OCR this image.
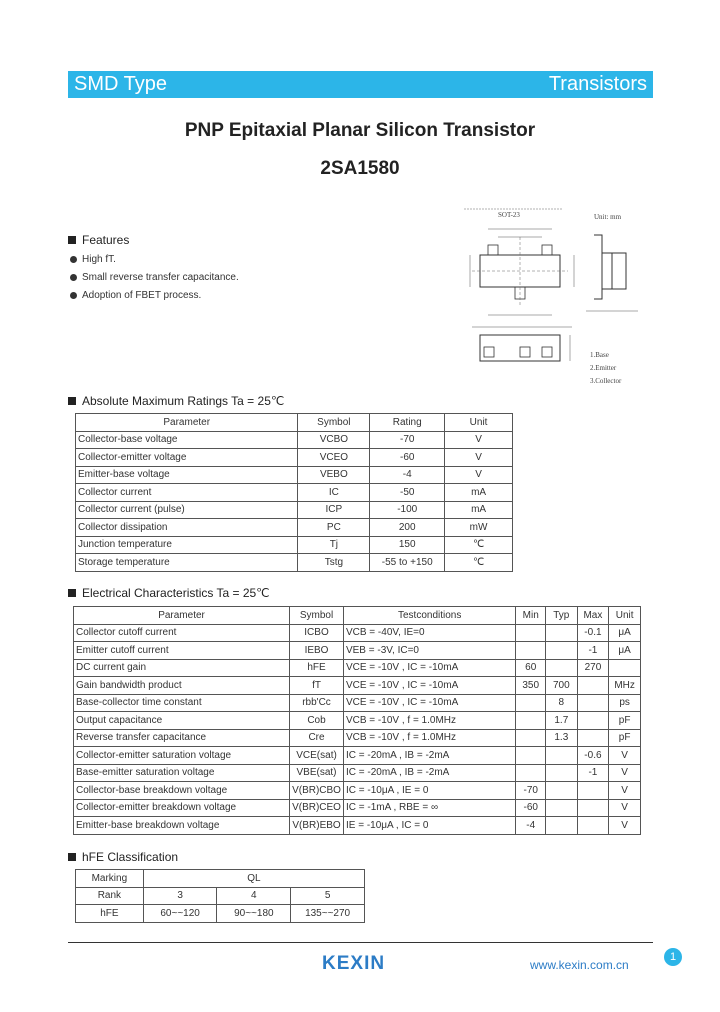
SMD Type	Transistors
PNP Epitaxial Planar Silicon Transistor
2SA1580
Features
High fT.
Small reverse transfer capacitance.
Adoption of FBET process.
SOT-23	Unit: mm
1.Base
2.Emitter
3.Collector
Absolute Maximum Ratings Ta = 25℃
Parameter	Symbol	Rating	Unit
Collector-base voltage	VCBO	-70	V
Collector-emitter voltage	VCEO	-60	V
Emitter-base voltage	VEBO	-4	V
Collector current	IC	-50	mA
Collector current (pulse)	ICP	-100	mA
Collector dissipation	PC	200	mW
Junction temperature	Tj	150	℃
Storage temperature	Tstg	-55 to +150	℃
Electrical Characteristics Ta = 25℃
Parameter	Symbol	Testconditions	Min	Typ	Max	Unit
Collector cutoff current	ICBO	VCB = -40V, IE=0			-0.1	μA
Emitter cutoff current	IEBO	VEB = -3V, IC=0			-1	μA
DC current gain	hFE	VCE = -10V , IC = -10mA	60		270	
Gain bandwidth product	fT	VCE = -10V , IC = -10mA	350	700		MHz
Base-collector time constant	rbb'Cc	VCE = -10V , IC = -10mA		8		ps
Output capacitance	Cob	VCB = -10V , f = 1.0MHz		1.7		pF
Reverse transfer capacitance	Cre	VCB = -10V , f = 1.0MHz		1.3		pF
Collector-emitter saturation voltage	VCE(sat)	IC = -20mA , IB = -2mA			-0.6	V
Base-emitter saturation voltage	VBE(sat)	IC = -20mA , IB = -2mA			-1	V
Collector-base breakdown voltage	V(BR)CBO	IC = -10μA , IE = 0	-70			V
Collector-emitter breakdown voltage	V(BR)CEO	IC = -1mA , RBE = ∞	-60			V
Emitter-base breakdown voltage	V(BR)EBO	IE = -10μA , IC = 0	-4			V
hFE Classification
Marking	QL		
Rank	3	4	5
hFE	60~~120	90~~180	135~~270
KEXIN	www.kexin.com.cn
1
